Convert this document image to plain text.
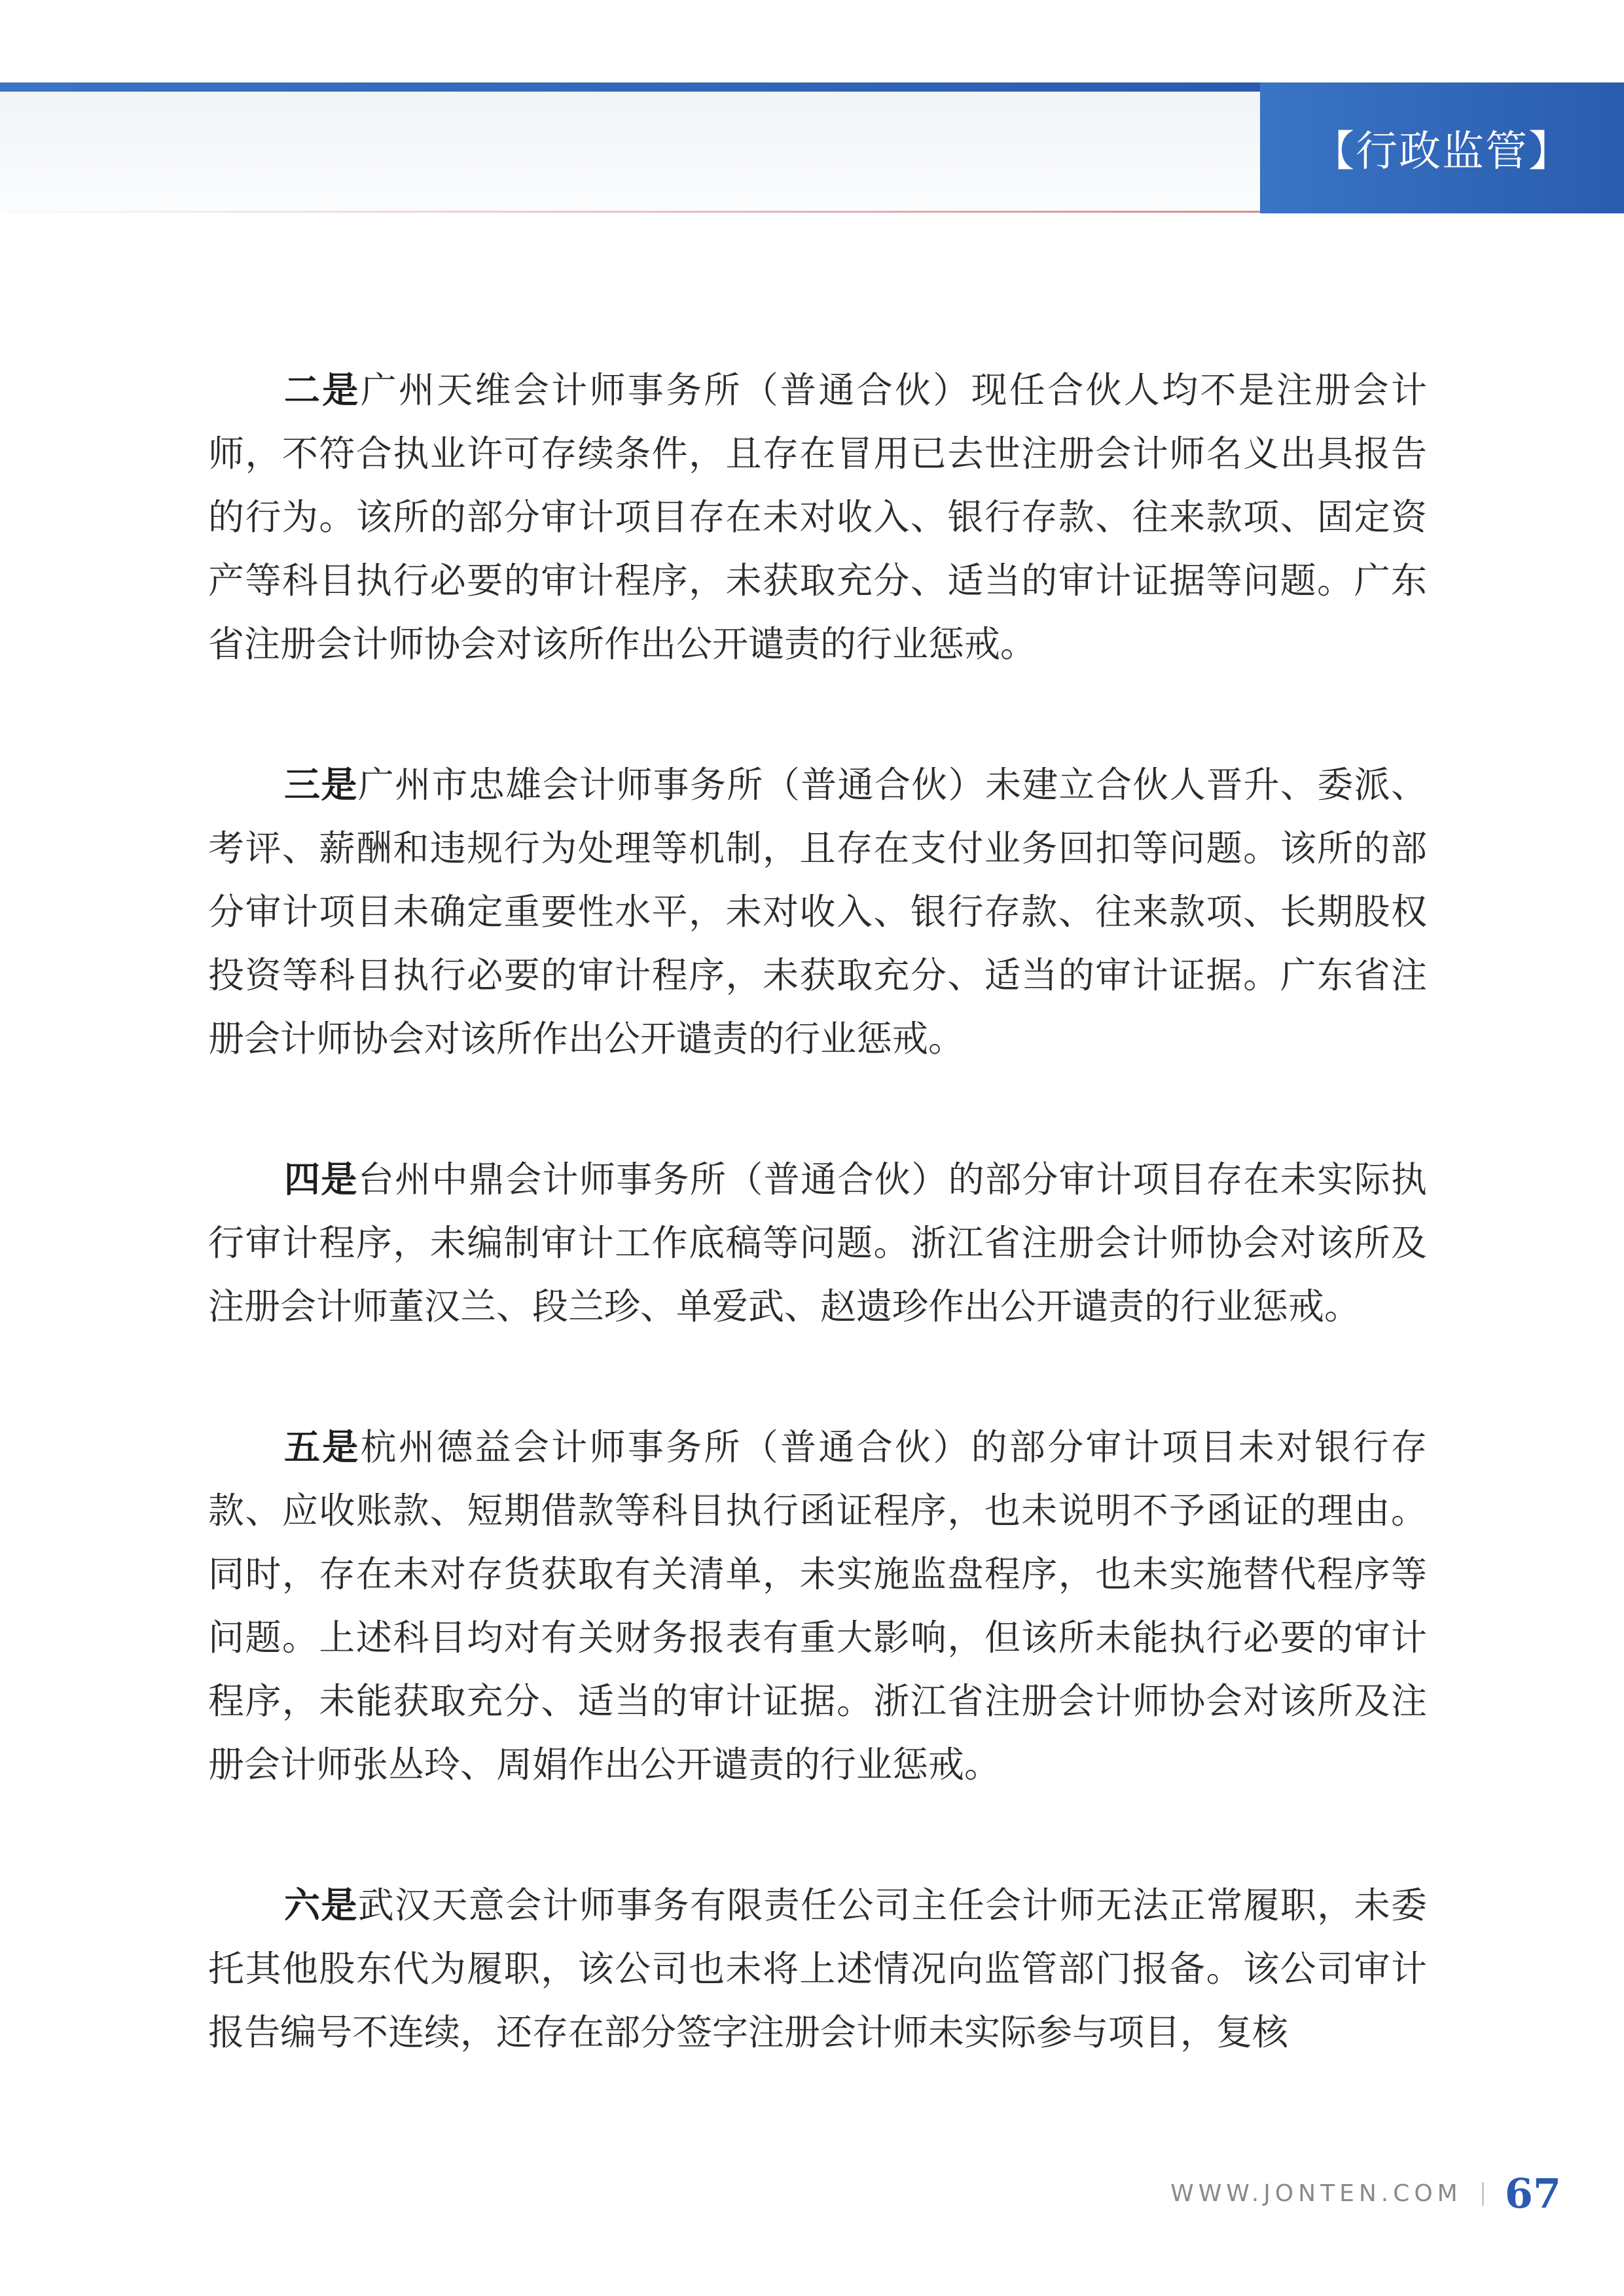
【行政监管】

二是广州天维会计师事务所（普通合伙）现任合伙人均不是注册会计师，不符合执业许可存续条件，且存在冒用已去世注册会计师名义出具报告的行为。该所的部分审计项目存在未对收入、银行存款、往来款项、固定资产等科目执行必要的审计程序，未获取充分、适当的审计证据等问题。广东省注册会计师协会对该所作出公开谴责的行业惩戒。

三是广州市忠雄会计师事务所（普通合伙）未建立合伙人晋升、委派、考评、薪酬和违规行为处理等机制，且存在支付业务回扣等问题。该所的部分审计项目未确定重要性水平，未对收入、银行存款、往来款项、长期股权投资等科目执行必要的审计程序，未获取充分、适当的审计证据。广东省注册会计师协会对该所作出公开谴责的行业惩戒。

四是台州中鼎会计师事务所（普通合伙）的部分审计项目存在未实际执行审计程序，未编制审计工作底稿等问题。浙江省注册会计师协会对该所及注册会计师董汉兰、段兰珍、单爱武、赵遗珍作出公开谴责的行业惩戒。

五是杭州德益会计师事务所（普通合伙）的部分审计项目未对银行存款、应收账款、短期借款等科目执行函证程序，也未说明不予函证的理由。同时，存在未对存货获取有关清单，未实施监盘程序，也未实施替代程序等问题。上述科目均对有关财务报表有重大影响，但该所未能执行必要的审计程序，未能获取充分、适当的审计证据。浙江省注册会计师协会对该所及注册会计师张丛玲、周娟作出公开谴责的行业惩戒。

六是武汉天意会计师事务有限责任公司主任会计师无法正常履职，未委托其他股东代为履职，该公司也未将上述情况向监管部门报备。该公司审计报告编号不连续，还存在部分签字注册会计师未实际参与项目，复核

WWW.JONTEN.COM 67
